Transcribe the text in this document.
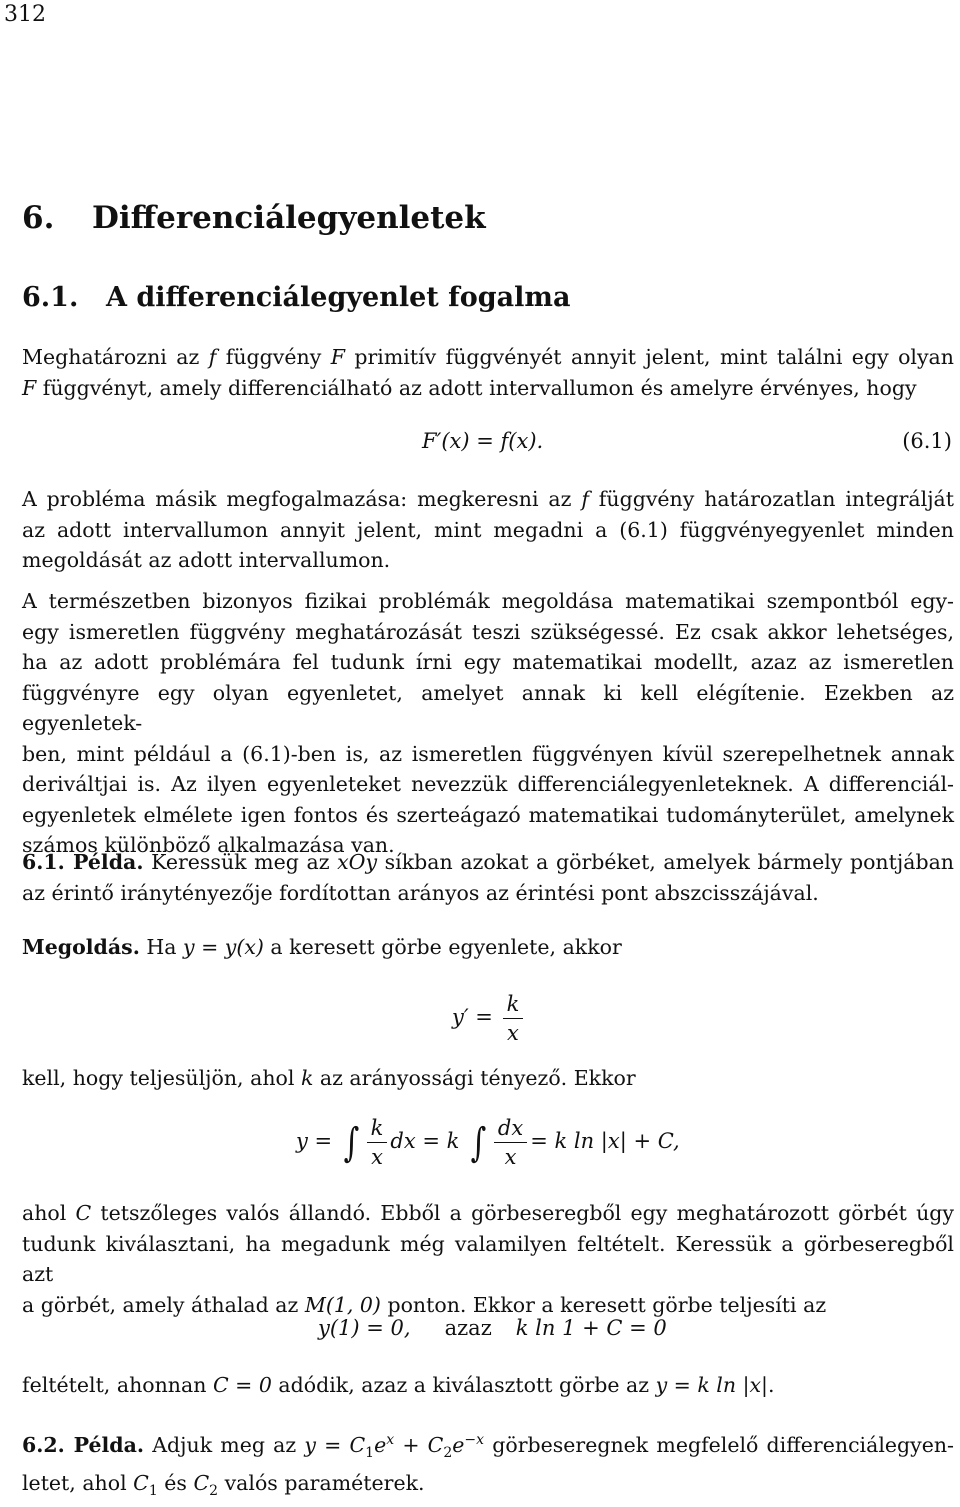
312
6. Differenciálegyenletek
6.1. A differenciálegyenlet fogalma
Meghatározni az f függvény F primitív függvényét annyit jelent, mint találni egy olyan
F függvényt, amely differenciálható az adott intervallumon és amelyre érvényes, hogy
F′(x) = f(x).	(6.1)
A probléma másik megfogalmazása: megkeresni az f függvény határozatlan integrálját
az adott intervallumon annyit jelent, mint megadni a (6.1) függvényegyenlet minden
megoldását az adott intervallumon.
A természetben bizonyos fizikai problémák megoldása matematikai szempontból egy-
egy ismeretlen függvény meghatározását teszi szükségessé. Ez csak akkor lehetséges,
ha az adott problémára fel tudunk írni egy matematikai modellt, azaz az ismeretlen
függvényre egy olyan egyenletet, amelyet annak ki kell elégítenie. Ezekben az egyenletek-
ben, mint például a (6.1)-ben is, az ismeretlen függvényen kívül szerepelhetnek annak
deriváltjai is. Az ilyen egyenleteket nevezzük differenciálegyenleteknek. A differenciál-
egyenletek elmélete igen fontos és szerteágazó matematikai tudományterület, amelynek
számos különböző alkalmazása van.
6.1. Példa. Keressük meg az xOy síkban azokat a görbéket, amelyek bármely pontjában
az érintő iránytényezője fordítottan arányos az érintési pont abszcisszájával.
Megoldás. Ha y = y(x) a keresett görbe egyenlete, akkor
$y' = \frac{k}{x}$
kell, hogy teljesüljön, ahol k az arányossági tényező. Ekkor
y = ∫ $\frac{k}{x}$ dx = k ∫ $\frac{dx}{x} = k$ ln |x| + C,
ahol C tetszőleges valós állandó. Ebből a görbeseregből egy meghatározott görbét úgy
tudunk kiválasztani, ha megadunk még valamilyen feltételt. Keressük a görbeseregből azt
a görbét, amely áthalad az M(1, 0) ponton. Ekkor a keresett görbe teljesíti az
y(1) = 0, azaz k ln 1 + C = 0
feltételt, ahonnan C = 0 adódik, azaz a kiválasztott görbe az y = k ln |x|.
6.2. Példa. Adjuk meg az $y = C_1e^x + C_2e^{-x}$ görbeseregnek megfelelő differenciálegyen-
letet, ahol $C_1$ és $C_2$ valós paraméterek.
